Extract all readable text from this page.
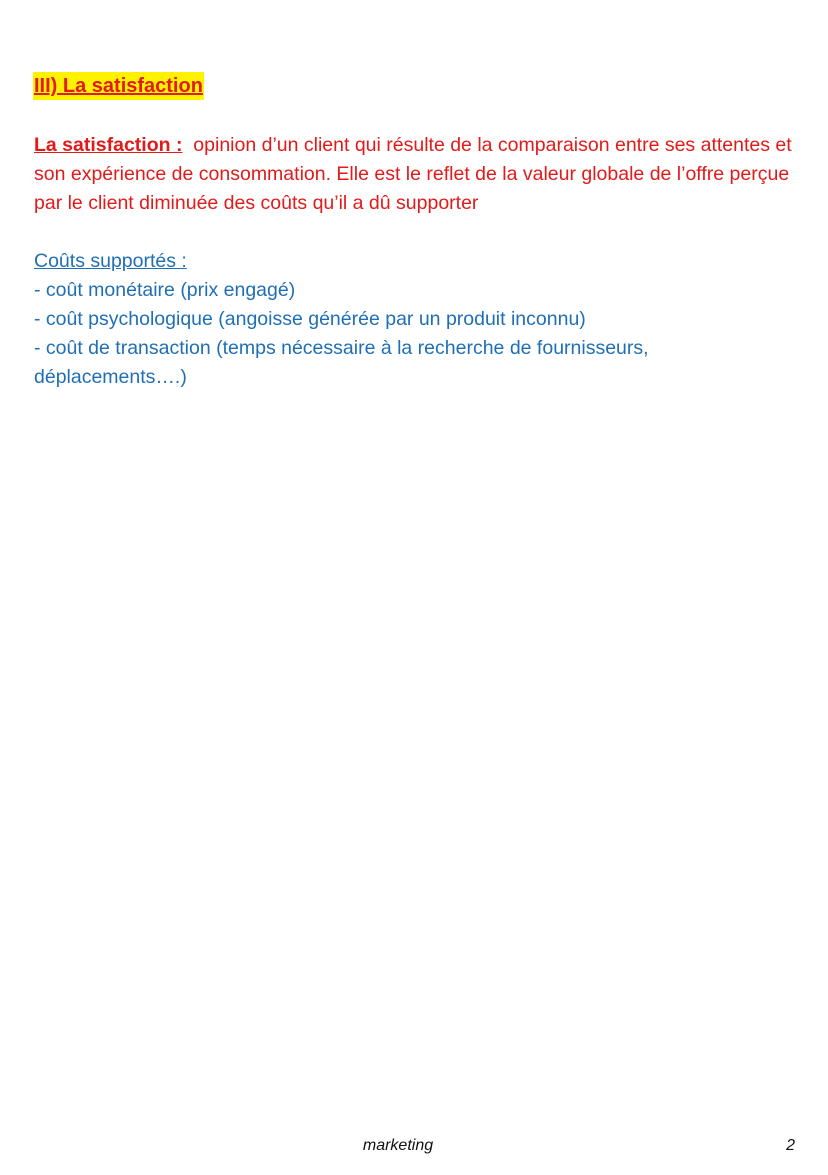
III) La satisfaction
La satisfaction : opinion d’un client qui résulte de la comparaison entre ses attentes et son expérience de consommation. Elle est le reflet de la valeur globale de l’offre perçue par le client diminuée des coûts qu’il a dû supporter
Coûts supportés :
- coût monétaire (prix engagé)
- coût psychologique (angoisse générée par un produit inconnu)
- coût de transaction (temps nécessaire à la recherche de fournisseurs, déplacements….)
marketing	2
